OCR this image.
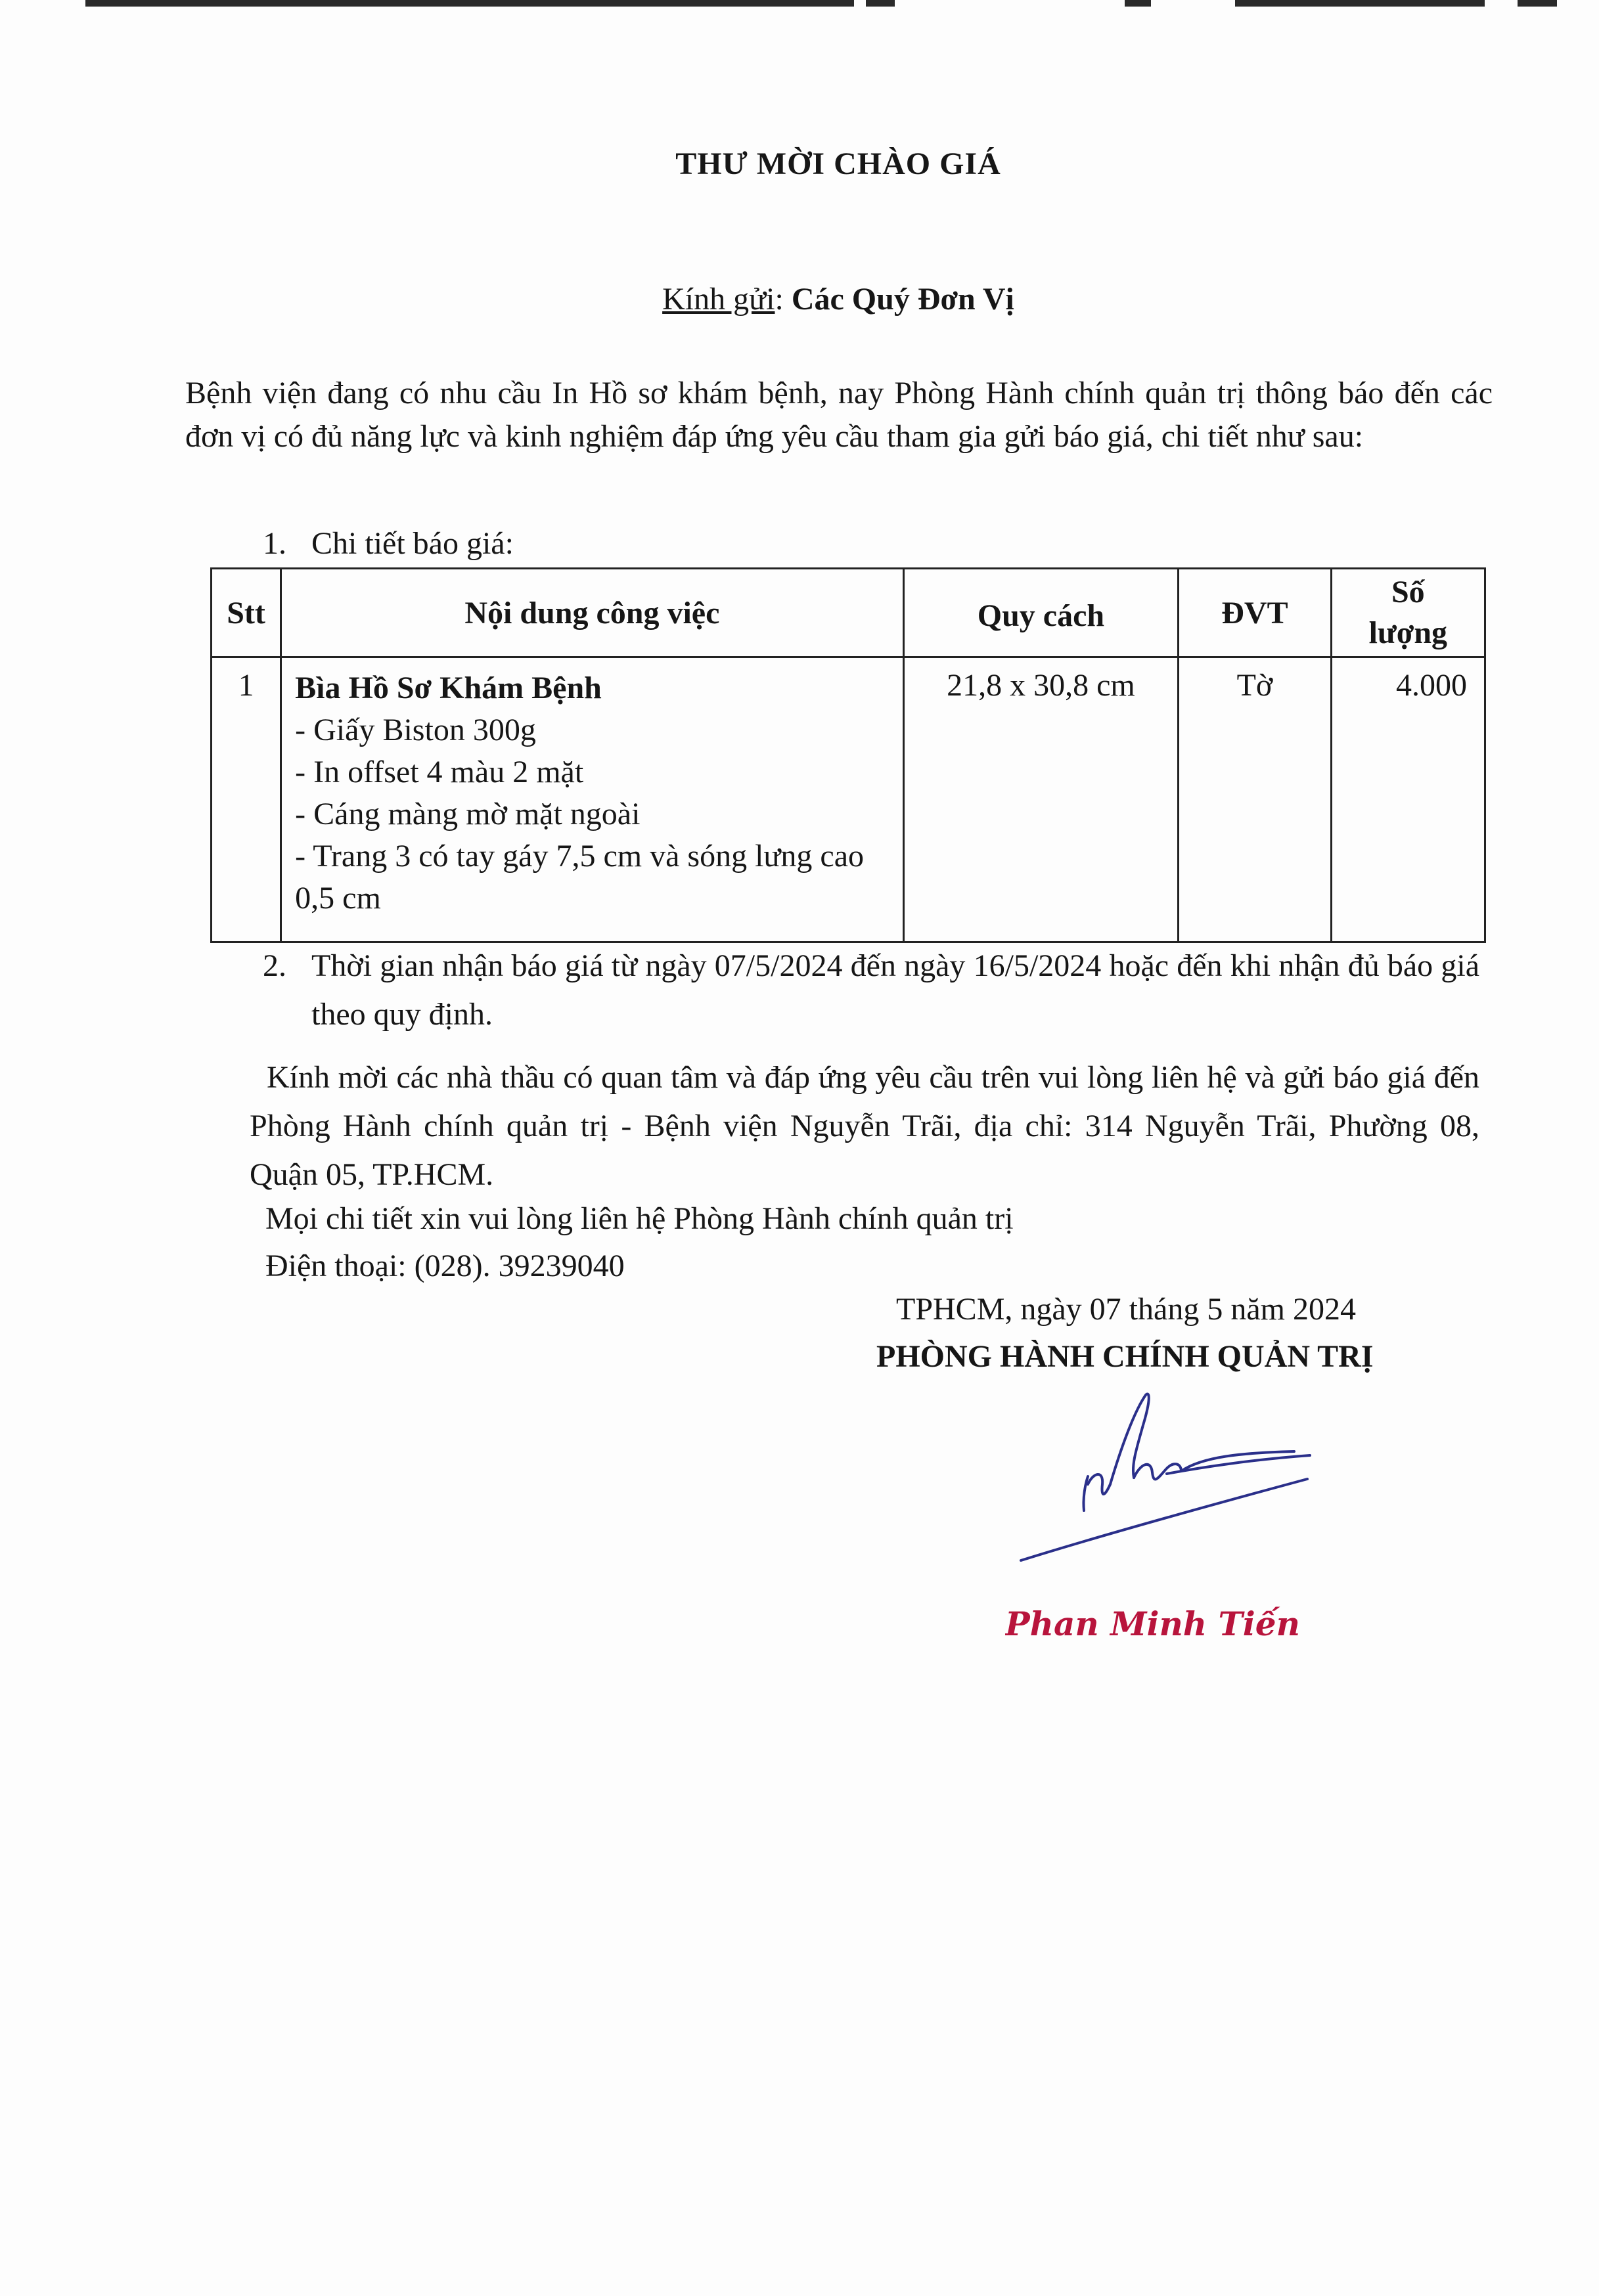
THƯ MỜI CHÀO GIÁ
Kính gửi: Các Quý Đơn Vị
Bệnh viện đang có nhu cầu In Hồ sơ khám bệnh, nay Phòng Hành chính quản trị thông báo đến các đơn vị có đủ năng lực và kinh nghiệm đáp ứng yêu cầu tham gia gửi báo giá, chi tiết như sau:
1. Chi tiết báo giá:
Stt	Nội dung công việc	Quy cách	ĐVT	Số
lượng

1	Bìa Hồ Sơ Khám Bệnh
- Giấy Biston 300g
- In offset 4 màu 2 mặt
- Cáng màng mờ mặt ngoài
- Trang 3 có tay gáy 7,5 cm và sóng lưng cao 0,5 cm	21,8 x 30,8 cm	Tờ	4.000
2. Thời gian nhận báo giá từ ngày 07/5/2024 đến ngày 16/5/2024 hoặc đến khi nhận đủ báo giá theo quy định.
Kính mời các nhà thầu có quan tâm và đáp ứng yêu cầu trên vui lòng liên hệ và gửi báo giá đến Phòng Hành chính quản trị - Bệnh viện Nguyễn Trãi, địa chỉ: 314 Nguyễn Trãi, Phường 08, Quận 05, TP.HCM.
Mọi chi tiết xin vui lòng liên hệ Phòng Hành chính quản trị
Điện thoại: (028). 39239040
TPHCM, ngày 07 tháng 5 năm 2024
PHÒNG HÀNH CHÍNH QUẢN TRỊ
Phan Minh Tiến
